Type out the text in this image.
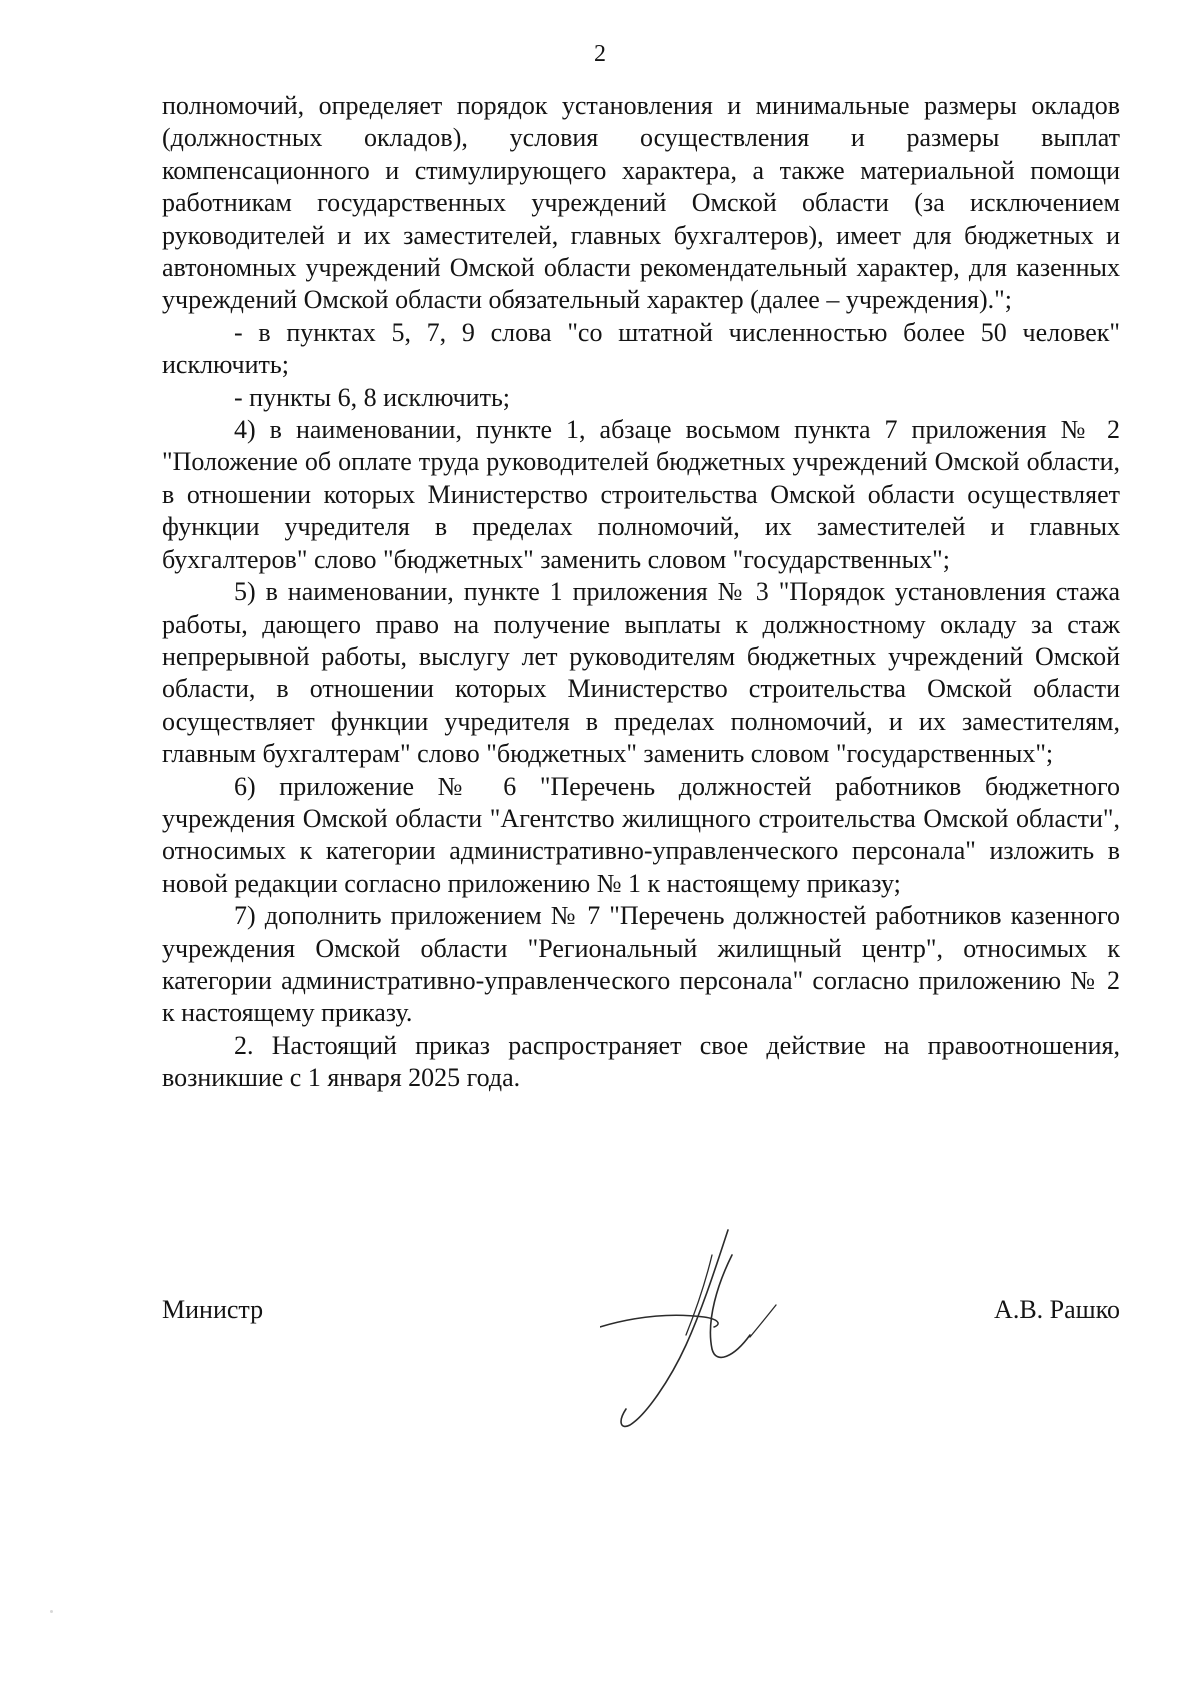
2

полномочий, определяет порядок установления и минимальные размеры окладов (должностных окладов), условия осуществления и размеры выплат компенсационного и стимулирующего характера, а также материальной помощи работникам государственных учреждений Омской области (за исключением руководителей и их заместителей, главных бухгалтеров), имеет для бюджетных и автономных учреждений Омской области рекомендательный характер, для казенных учреждений Омской области обязательный характер (далее – учреждения).";

- в пунктах 5, 7, 9 слова "со штатной численностью более 50 человек" исключить;

- пункты 6, 8 исключить;

4) в наименовании, пункте 1, абзаце восьмом пункта 7 приложения № 2 "Положение об оплате труда руководителей бюджетных учреждений Омской области, в отношении которых Министерство строительства Омской области осуществляет функции учредителя в пределах полномочий, их заместителей и главных бухгалтеров" слово "бюджетных" заменить словом "государственных";

5) в наименовании, пункте 1 приложения № 3 "Порядок установления стажа работы, дающего право на получение выплаты к должностному окладу за стаж непрерывной работы, выслугу лет руководителям бюджетных учреждений Омской области, в отношении которых Министерство строительства Омской области осуществляет функции учредителя в пределах полномочий, и их заместителям, главным бухгалтерам" слово "бюджетных" заменить словом "государственных";

6) приложение № 6 "Перечень должностей работников бюджетного учреждения Омской области "Агентство жилищного строительства Омской области", относимых к категории административно-управленческого персонала" изложить в новой редакции согласно приложению № 1 к настоящему приказу;

7) дополнить приложением № 7 "Перечень должностей работников казенного учреждения Омской области "Региональный жилищный центр", относимых к категории административно-управленческого персонала" согласно приложению № 2 к настоящему приказу.

2. Настоящий приказ распространяет свое действие на правоотношения, возникшие с 1 января 2025 года.

Министр	А.В. Рашко
